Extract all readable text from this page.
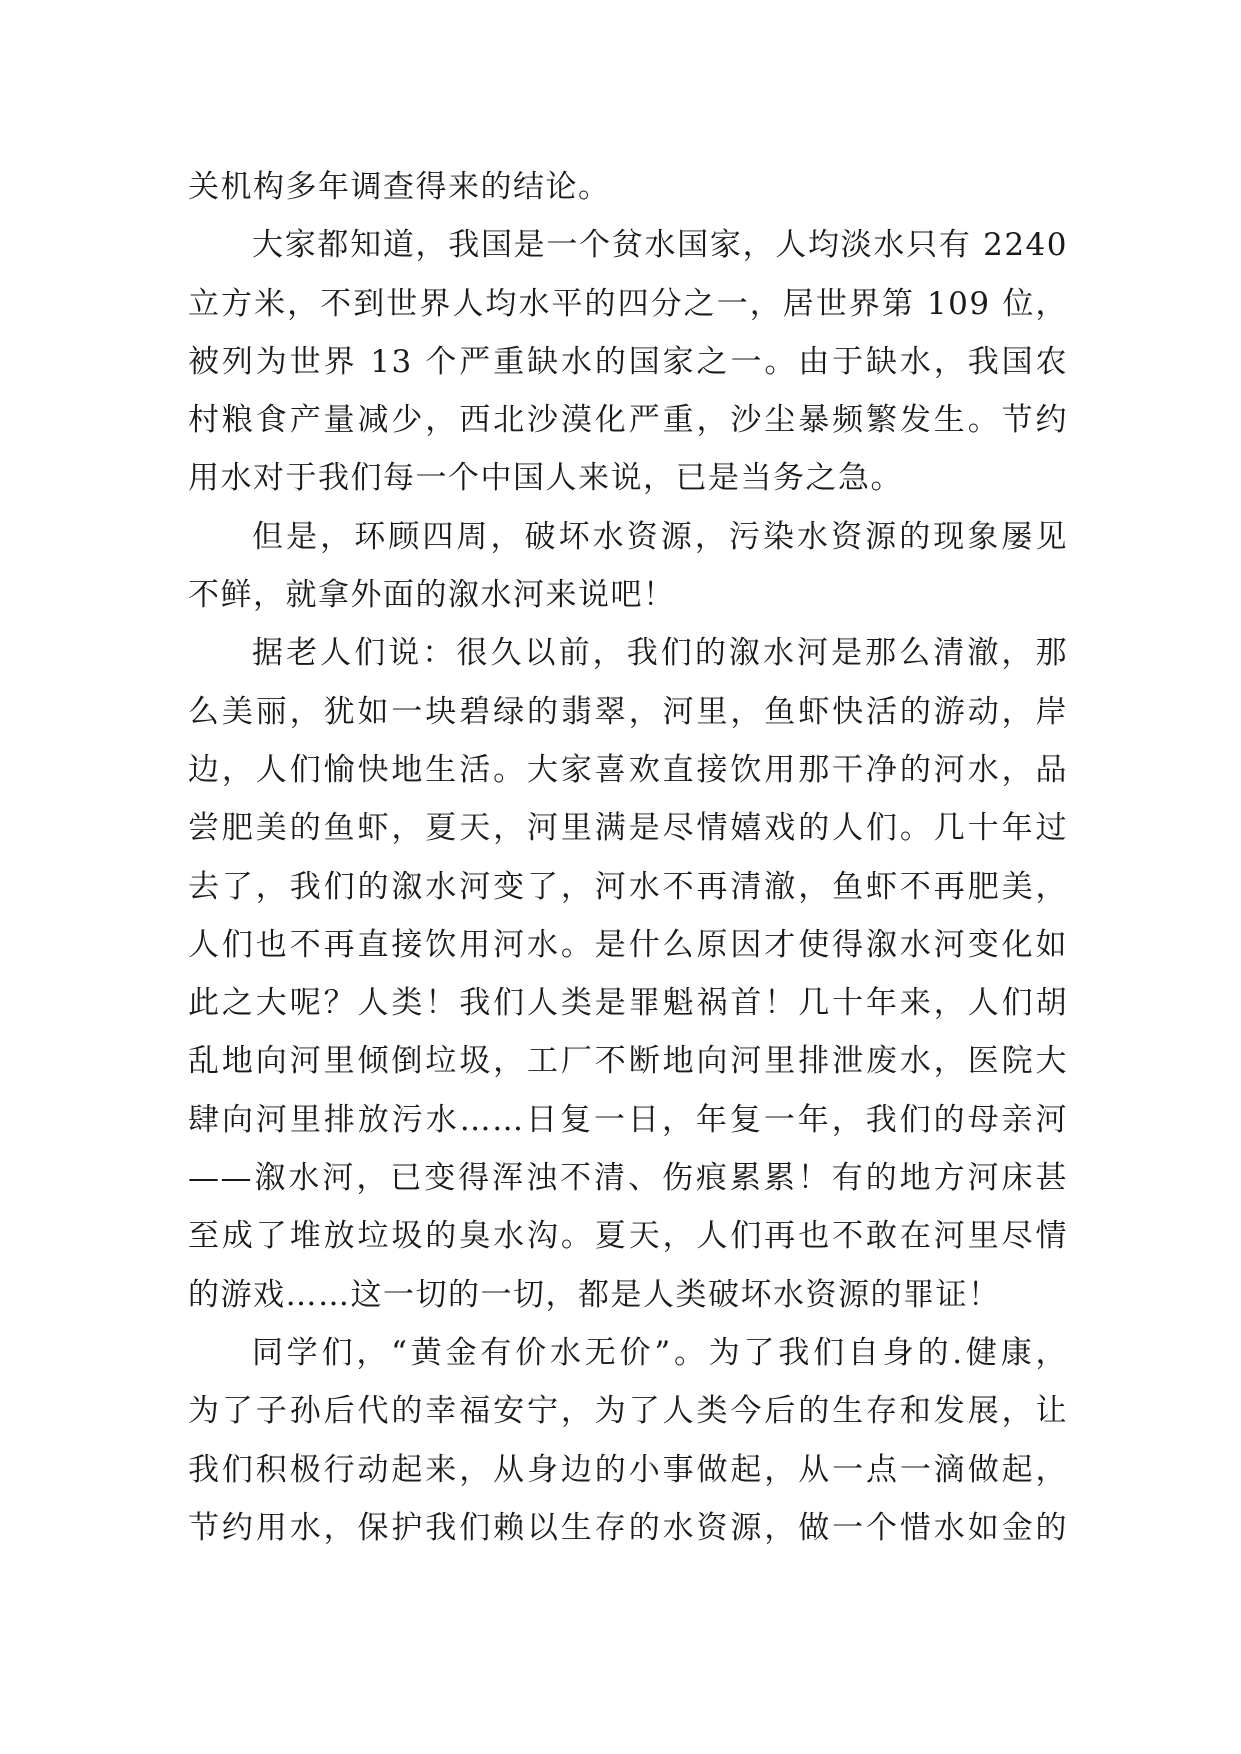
关机构多年调查得来的结论。
大家都知道，我国是一个贫水国家，人均淡水只有 2240
立方米，不到世界人均水平的四分之一，居世界第 109 位，
被列为世界 13 个严重缺水的国家之一。由于缺水，我国农
村粮食产量减少，西北沙漠化严重，沙尘暴频繁发生。节约
用水对于我们每一个中国人来说，已是当务之急。
但是，环顾四周，破坏水资源，污染水资源的现象屡见
不鲜，就拿外面的溆水河来说吧！
据老人们说：很久以前，我们的溆水河是那么清澈，那
么美丽，犹如一块碧绿的翡翠，河里，鱼虾快活的游动，岸
边，人们愉快地生活。大家喜欢直接饮用那干净的河水，品
尝肥美的鱼虾，夏天，河里满是尽情嬉戏的人们。几十年过
去了，我们的溆水河变了，河水不再清澈，鱼虾不再肥美，
人们也不再直接饮用河水。是什么原因才使得溆水河变化如
此之大呢？人类！我们人类是罪魁祸首！几十年来，人们胡
乱地向河里倾倒垃圾，工厂不断地向河里排泄废水，医院大
肆向河里排放污水……日复一日，年复一年，我们的母亲河
——溆水河，已变得浑浊不清、伤痕累累！有的地方河床甚
至成了堆放垃圾的臭水沟。夏天，人们再也不敢在河里尽情
的游戏……这一切的一切，都是人类破坏水资源的罪证！
同学们，“黄金有价水无价”。为了我们自身的.健康，
为了子孙后代的幸福安宁，为了人类今后的生存和发展，让
我们积极行动起来，从身边的小事做起，从一点一滴做起，
节约用水，保护我们赖以生存的水资源，做一个惜水如金的
